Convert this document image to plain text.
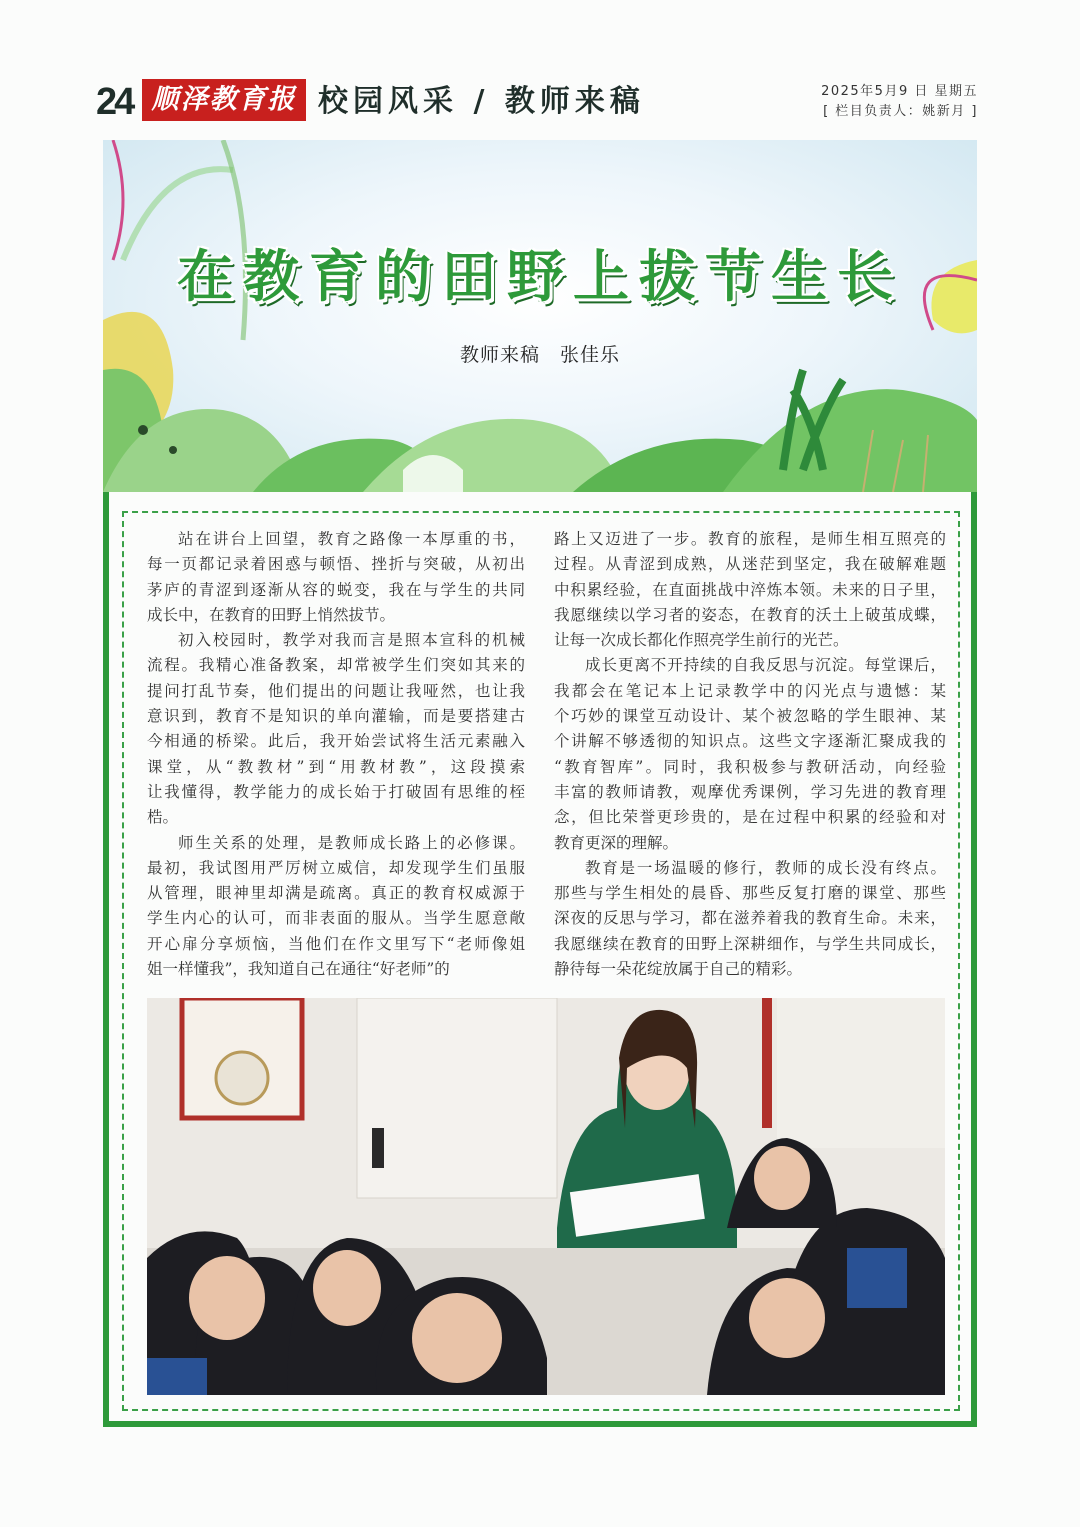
24 顺泽教育报 校园风采 / 教师来稿	2025年5月9 日 星期五
[ 栏目负责人：姚新月 ]
在教育的田野上拔节生长
教师来稿　张佳乐
站在讲台上回望，教育之路像一本厚重的书，
每一页都记录着困惑与顿悟、挫折与突破，从初出
茅庐的青涩到逐渐从容的蜕变，我在与学生的共同
成长中，在教育的田野上悄然拔节。
初入校园时，教学对我而言是照本宣科的机械
流程。我精心准备教案，却常被学生们突如其来的
提问打乱节奏，他们提出的问题让我哑然，也让我
意识到，教育不是知识的单向灌输，而是要搭建古
今相通的桥梁。此后，我开始尝试将生活元素融入
课堂，从“教教材”到“用教材教”，这段摸索
让我懂得，教学能力的成长始于打破固有思维的桎
梏。
师生关系的处理，是教师成长路上的必修课。
最初，我试图用严厉树立威信，却发现学生们虽服
从管理，眼神里却满是疏离。真正的教育权威源于
学生内心的认可，而非表面的服从。当学生愿意敞
开心扉分享烦恼，当他们在作文里写下“老师像姐
姐一样懂我”，我知道自己在通往“好老师”的
路上又迈进了一步。教育的旅程，是师生相互照亮的
过程。从青涩到成熟，从迷茫到坚定，我在破解难题
中积累经验，在直面挑战中淬炼本领。未来的日子里，
我愿继续以学习者的姿态，在教育的沃土上破茧成蝶，
让每一次成长都化作照亮学生前行的光芒。
成长更离不开持续的自我反思与沉淀。每堂课后，
我都会在笔记本上记录教学中的闪光点与遗憾：某
个巧妙的课堂互动设计、某个被忽略的学生眼神、某
个讲解不够透彻的知识点。这些文字逐渐汇聚成我的
“教育智库”。同时，我积极参与教研活动，向经验
丰富的教师请教，观摩优秀课例，学习先进的教育理
念，但比荣誉更珍贵的，是在过程中积累的经验和对
教育更深的理解。
教育是一场温暖的修行，教师的成长没有终点。
那些与学生相处的晨昏、那些反复打磨的课堂、那些
深夜的反思与学习，都在滋养着我的教育生命。未来，
我愿继续在教育的田野上深耕细作，与学生共同成长，
静待每一朵花绽放属于自己的精彩。
